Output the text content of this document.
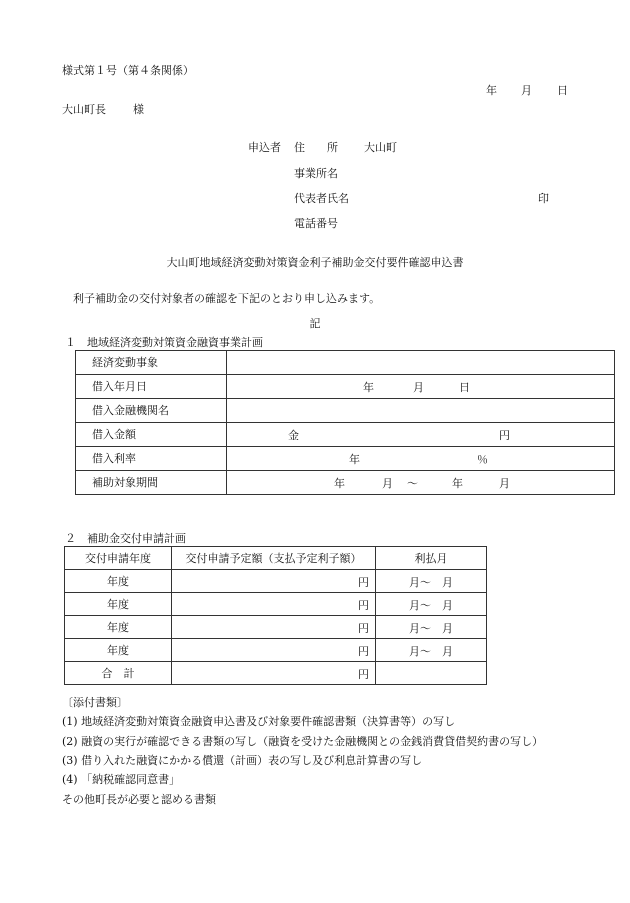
様式第１号（第４条関係）
年 月 日
大山町長 様
申込者 住　　所 大山町
事業所名
代表者氏名	印
電話番号
大山町地域経済変動対策資金利子補助金交付要件確認申込書
利子補助金の交付対象者の確認を下記のとおり申し込みます。
記
１　地域経済変動対策資金融資事業計画
経済変動事象	
借入年月日	年 月 日

借入金融機関名	
借入金額	金 円

借入利率	年 ％

補助対象期間	年 月 ～ 年 月
２　補助金交付申請計画
交付申請年度	交付申請予定額（支払予定利子額）	利払月
年度	円	月～ 月

年度	円	月～ 月

年度	円	月～ 月

年度	円	月～ 月

合　計	円	

〔添付書類〕
(1) 地域経済変動対策資金融資申込書及び対象要件確認書類（決算書等）の写し
(2) 融資の実行が確認できる書類の写し（融資を受けた金融機関との金銭消費貸借契約書の写し）
(3) 借り入れた融資にかかる償還（計画）表の写し及び利息計算書の写し
(4) 「納税確認同意書」
その他町長が必要と認める書類
